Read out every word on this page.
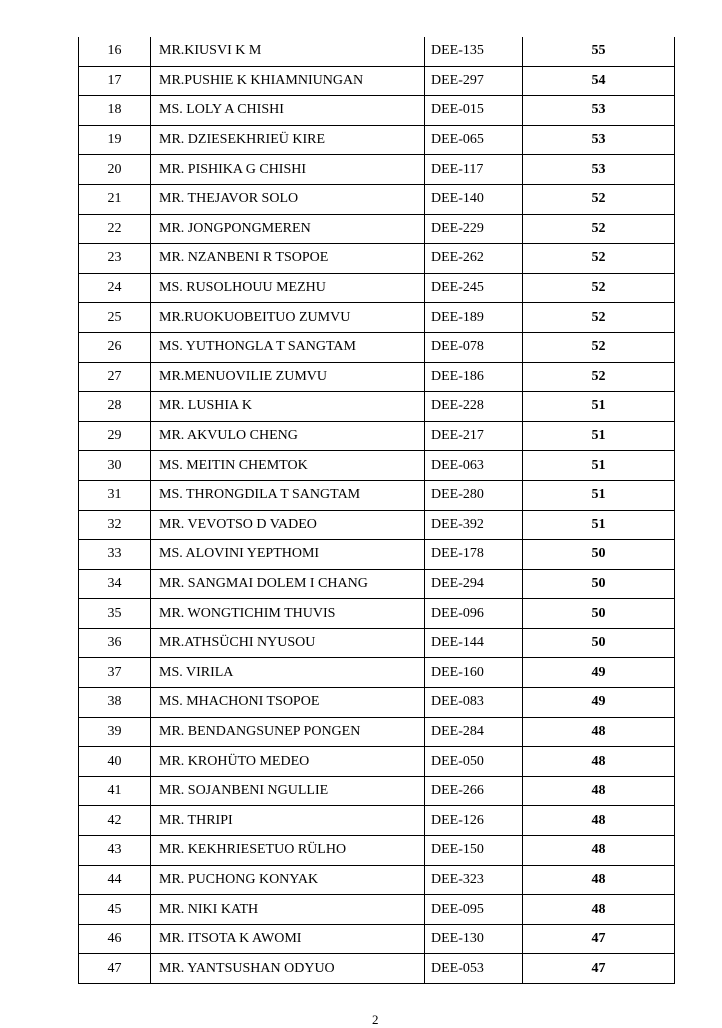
16	MR.KIUSVI K M	DEE-135	55
17	MR.PUSHIE K KHIAMNIUNGAN	DEE-297	54
18	MS. LOLY A CHISHI	DEE-015	53
19	MR. DZIESEKHRIEÜ KIRE	DEE-065	53
20	MR. PISHIKA G CHISHI	DEE-117	53
21	MR. THEJAVOR SOLO	DEE-140	52
22	MR. JONGPONGMEREN	DEE-229	52
23	MR. NZANBENI R TSOPOE	DEE-262	52
24	MS. RUSOLHOUU MEZHU	DEE-245	52
25	MR.RUOKUOBEITUO ZUMVU	DEE-189	52
26	MS. YUTHONGLA T SANGTAM	DEE-078	52
27	MR.MENUOVILIE ZUMVU	DEE-186	52
28	MR. LUSHIA K	DEE-228	51
29	MR. AKVULO CHENG	DEE-217	51
30	MS. MEITIN CHEMTOK	DEE-063	51
31	MS. THRONGDILA T SANGTAM	DEE-280	51
32	MR. VEVOTSO D VADEO	DEE-392	51
33	MS. ALOVINI YEPTHOMI	DEE-178	50
34	MR. SANGMAI DOLEM I CHANG	DEE-294	50
35	MR. WONGTICHIM THUVIS	DEE-096	50
36	MR.ATHSÜCHI NYUSOU	DEE-144	50
37	MS. VIRILA	DEE-160	49
38	MS. MHACHONI TSOPOE	DEE-083	49
39	MR. BENDANGSUNEP PONGEN	DEE-284	48
40	MR. KROHÜTO MEDEO	DEE-050	48
41	MR. SOJANBENI NGULLIE	DEE-266	48
42	MR. THRIPI	DEE-126	48
43	MR. KEKHRIESETUO RÜLHO	DEE-150	48
44	MR. PUCHONG KONYAK	DEE-323	48
45	MR. NIKI KATH	DEE-095	48
46	MR. ITSOTA K AWOMI	DEE-130	47
47	MR. YANTSUSHAN ODYUO	DEE-053	47
2
